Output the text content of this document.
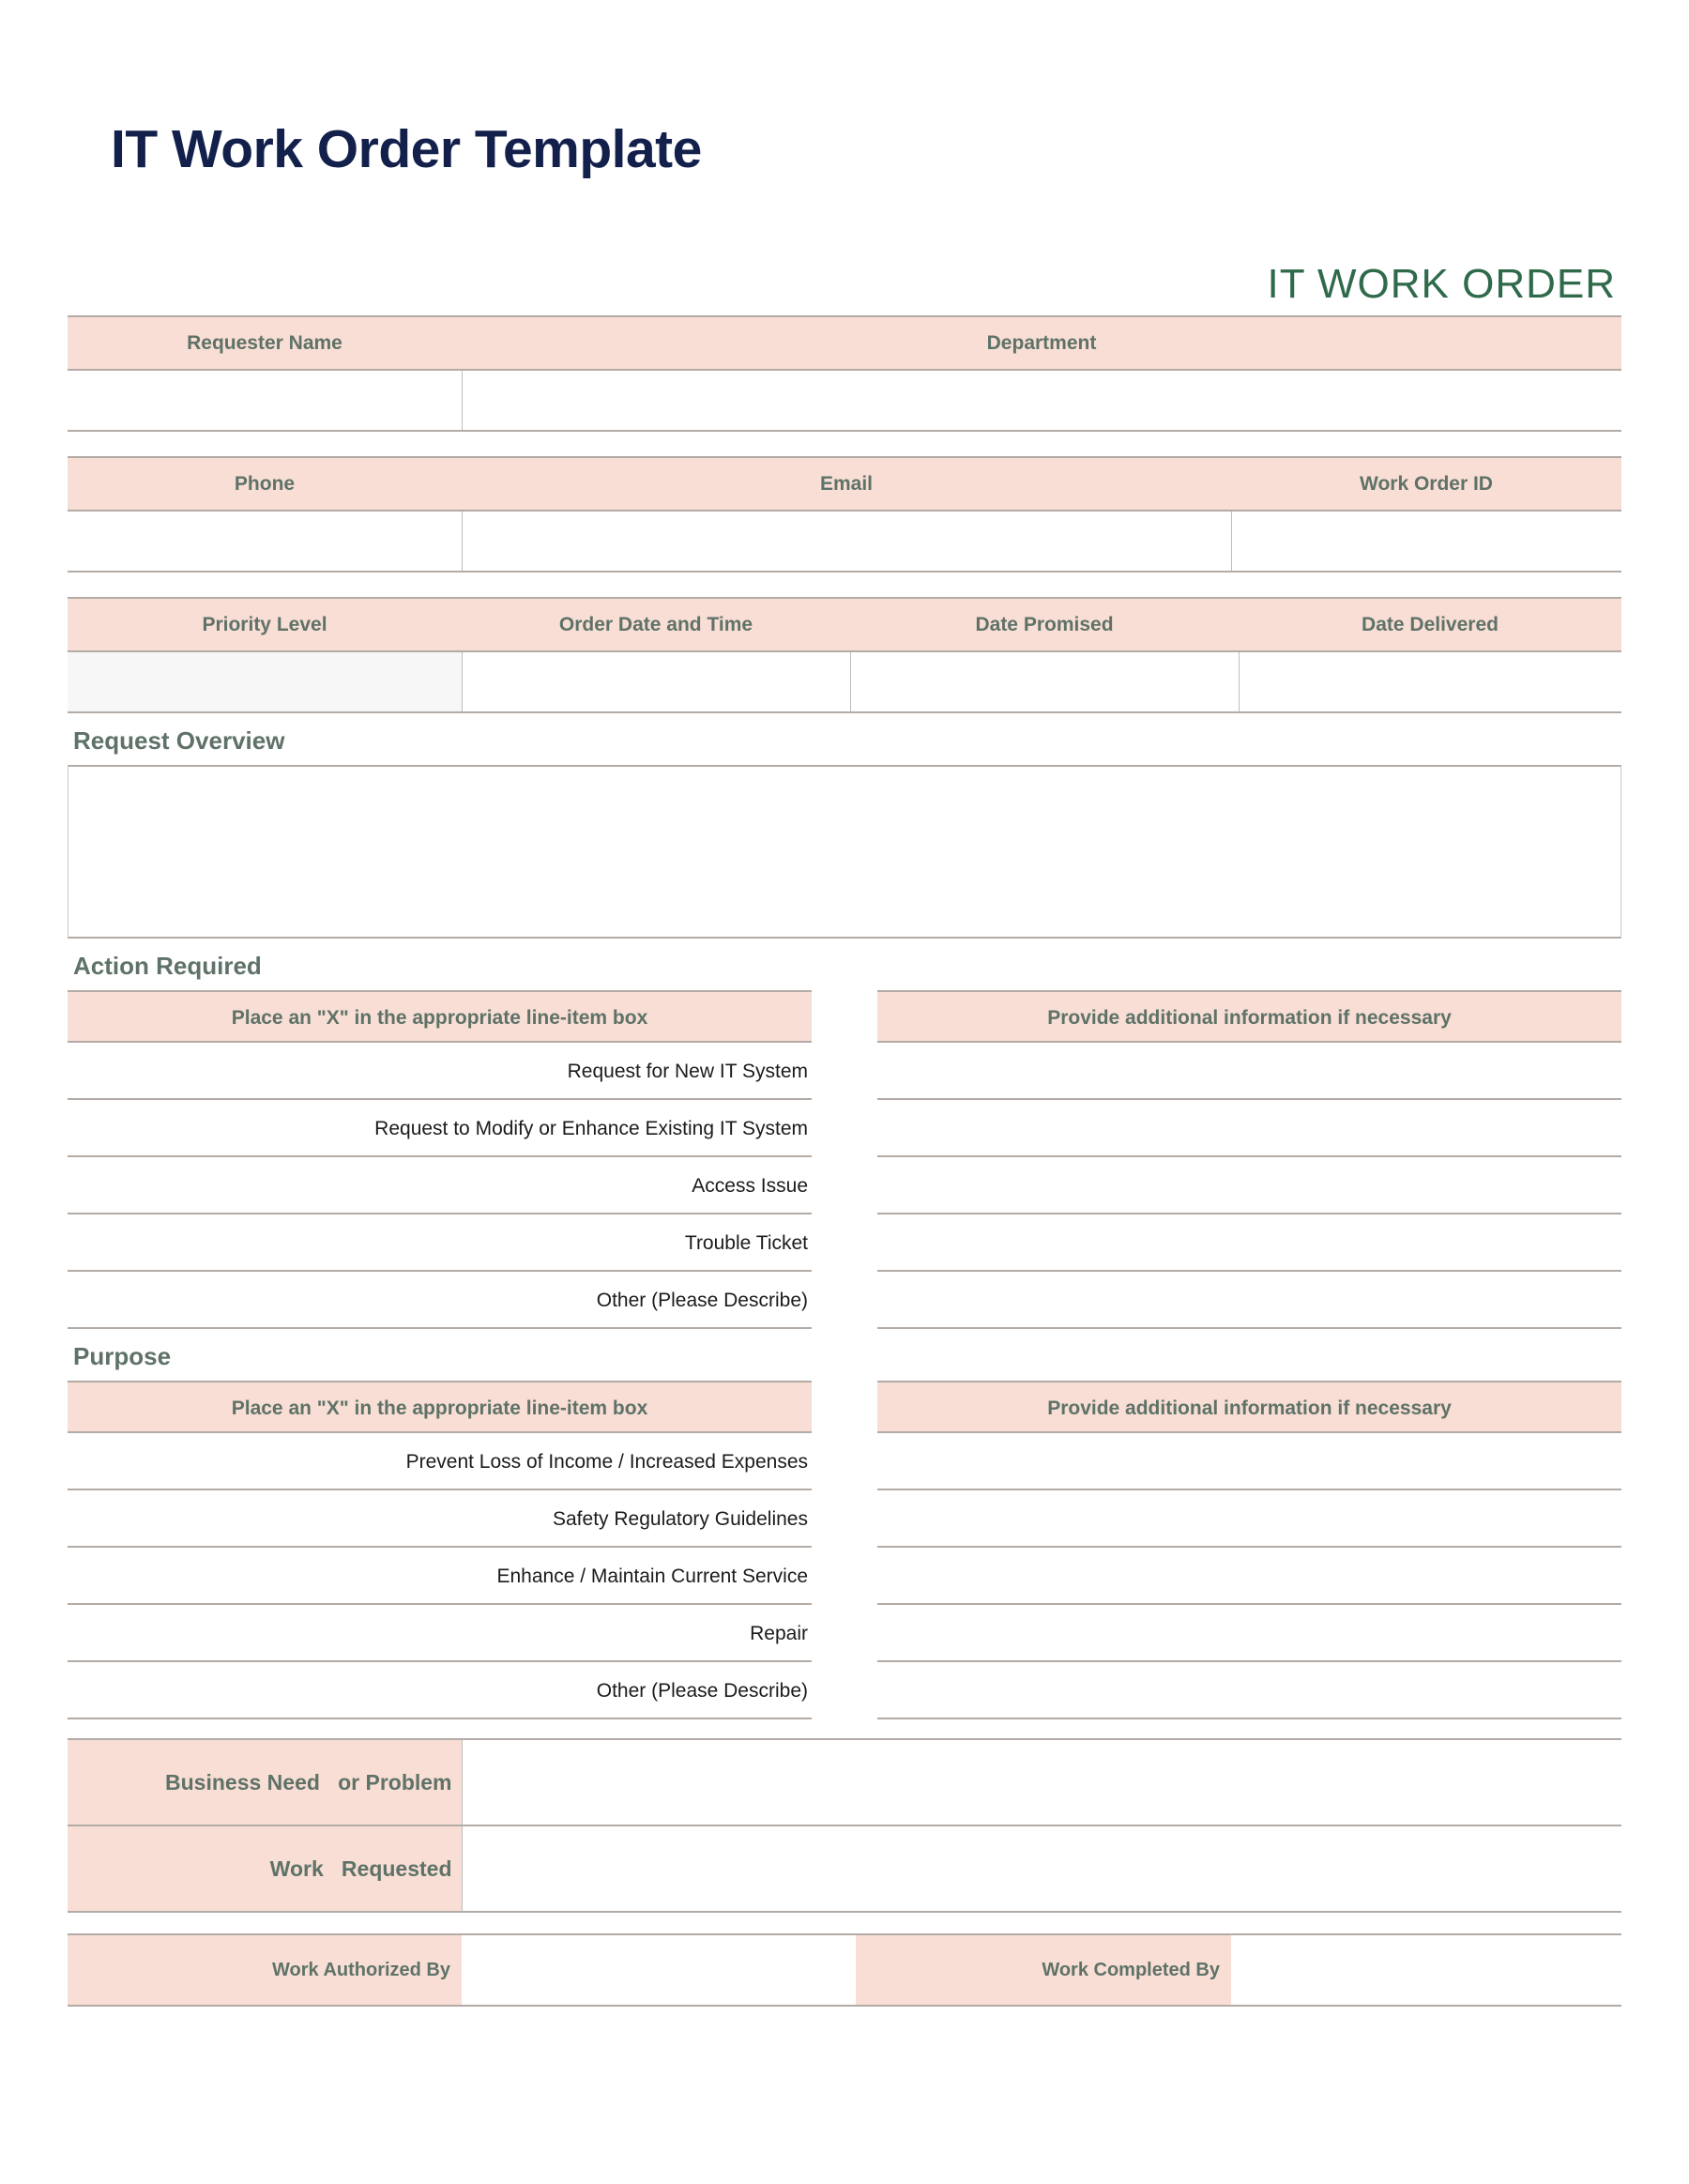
IT Work Order Template
IT WORK ORDER
Requester Name	Department

Phone	Email	Work Order ID

Priority Level	Order Date and Time	Date Promised	Date Delivered

Request Overview
Action Required
Place an "X" in the appropriate line-item box
Request for New IT System
Request to Modify or Enhance Existing IT System
Access Issue
Trouble Ticket
Other (Please Describe)
Provide additional information if necessary
Purpose
Place an "X" in the appropriate line-item box
Prevent Loss of Income / Increased Expenses
Safety Regulatory Guidelines
Enhance / Maintain Current Service
Repair
Other (Please Describe)
Provide additional information if necessary
Business Need   or Problem	
Work   Requested	
Work Authorized By		Work Completed By	
